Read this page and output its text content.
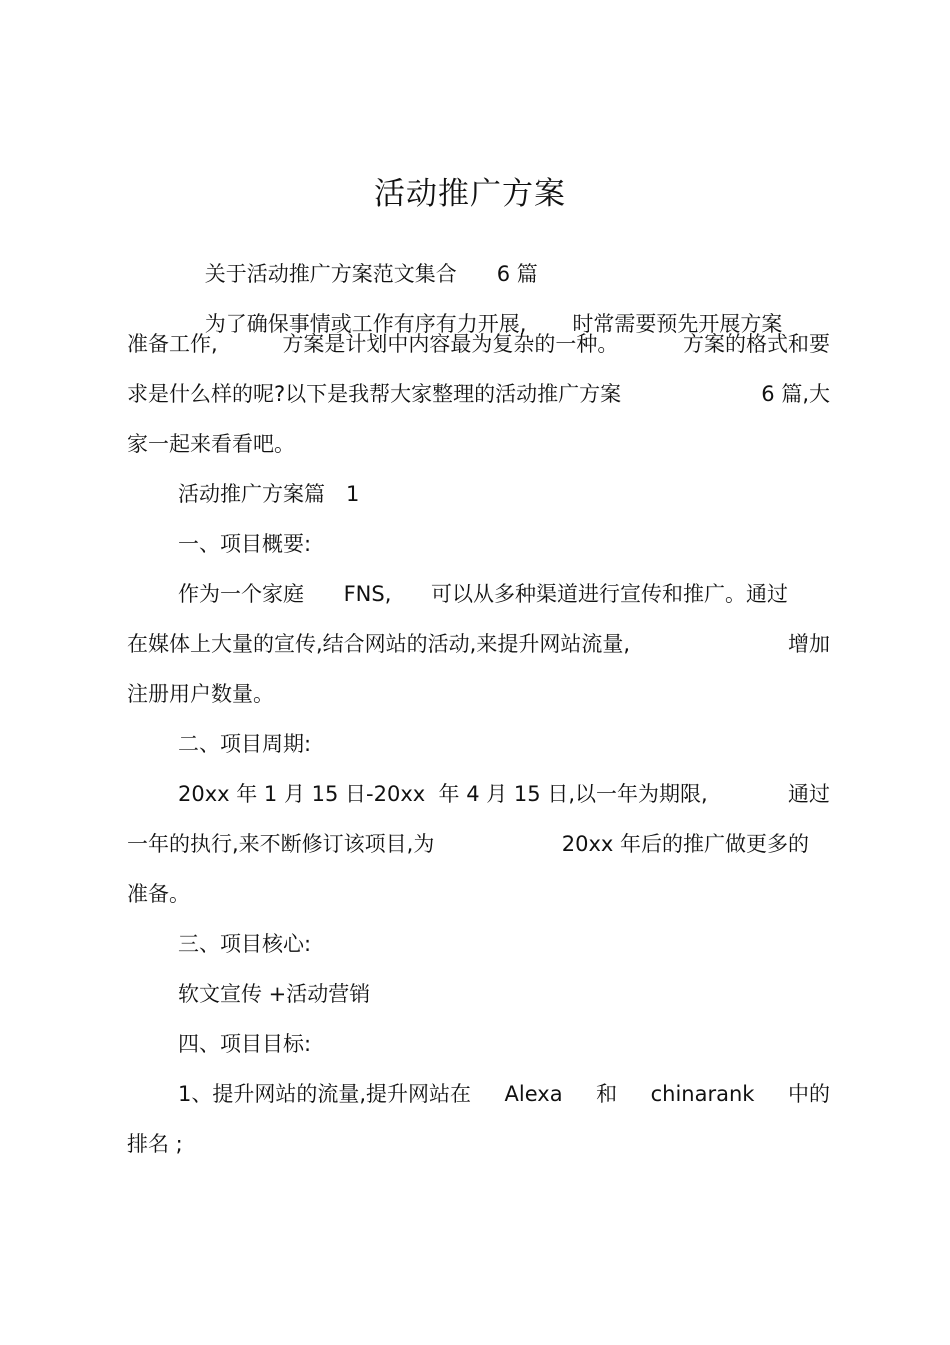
活动推广方案

关于活动推广方案范文集合 6 篇

为了确保事情或工作有序有力开展, 时常需要预先开展方案

准备工作,	方案是计划中内容最为复杂的一种。	方案的格式和要
求是什么样的呢?以下是我帮大家整理的活动推广方案	6 篇,大
家一起来看看吧。
活动推广方案篇　1
一、项目概要:
作为一个家庭 FNS, 可以从多种渠道进行宣传和推广。通过
在媒体上大量的宣传,结合网站的活动,来提升网站流量,	增加
注册用户数量。
二、项目周期:
20xx 年 1 月 15 日-20xx  年 4 月 15 日,以一年为期限,	通过
一年的执行,来不断修订该项目,为	20xx 年后的推广做更多的
准备。
三、项目核心:
软文宣传 +活动营销
四、项目目标:
1、提升网站的流量,提升网站在 Alexa 和 chinarank 中的
排名 ;
